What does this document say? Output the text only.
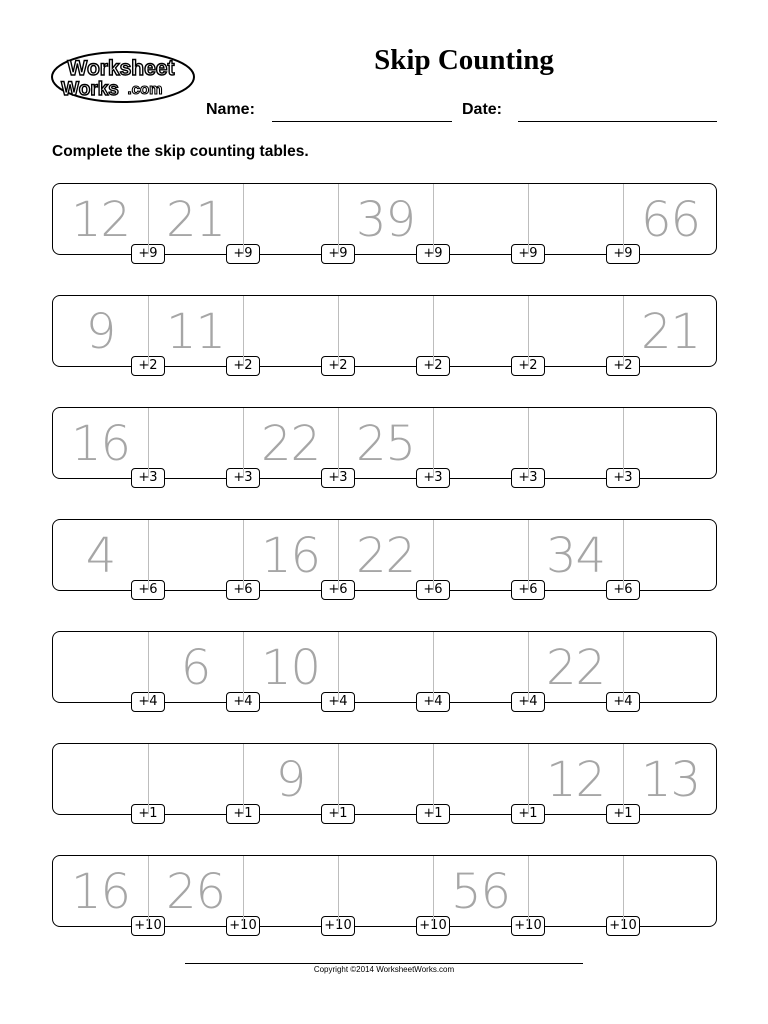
Worksheet
Works .com
Skip Counting
Name:	Date:
Complete the skip counting tables.
12
+9
21
+9	+9
39
+9	+9	+9
66
9
+2
11
+2	+2	+2	+2	+2
21
16
+3	+3
22
+3
25
+3	+3	+3
4
+6	+6
16
+6
22
+6	+6
34
+6
+4
6
+4
10
+4	+4	+4
22
+4
+1	+1
9
+1	+1	+1
12
+1
13
16
+10
26
+10	+10	+10
56
+10	+10
Copyright ©2014 WorksheetWorks.com
